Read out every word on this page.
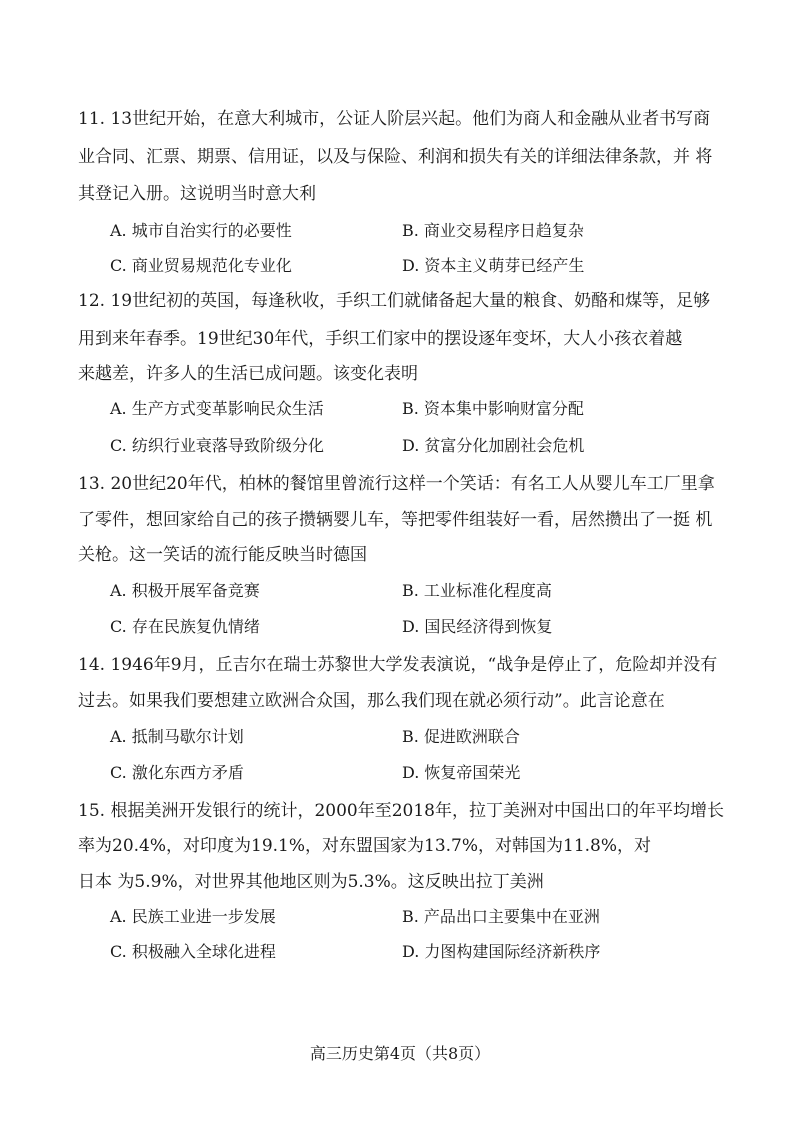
11. 13世纪开始，在意大利城市，公证人阶层兴起。他们为商人和金融从业者书写商
业合同、汇票、期票、信用证，以及与保险、利润和损失有关的详细法律条款，并 将
其登记入册。这说明当时意大利
A. 城市自治实行的必要性	B. 商业交易程序日趋复杂
C. 商业贸易规范化专业化	D. 资本主义萌芽已经产生
12. 19世纪初的英国，每逢秋收，手织工们就储备起大量的粮食、奶酪和煤等，足够
用到来年春季。19世纪30年代，手织工们家中的摆设逐年变坏，大人小孩衣着越
来越差，许多人的生活已成问题。该变化表明
A. 生产方式变革影响民众生活	B. 资本集中影响财富分配
C. 纺织行业衰落导致阶级分化	D. 贫富分化加剧社会危机
13. 20世纪20年代，柏林的餐馆里曾流行这样一个笑话：有名工人从婴儿车工厂里拿
了零件，想回家给自己的孩子攒辆婴儿车，等把零件组装好一看，居然攒出了一挺 机
关枪。这一笑话的流行能反映当时德国
A. 积极开展军备竞赛	B. 工业标准化程度高
C. 存在民族复仇情绪	D. 国民经济得到恢复
14. 1946年9月，丘吉尔在瑞士苏黎世大学发表演说，“战争是停止了，危险却并没有
过去。如果我们要想建立欧洲合众国，那么我们现在就必须行动”。此言论意在
A. 抵制马歇尔计划	B. 促进欧洲联合
C. 激化东西方矛盾	D. 恢复帝国荣光
15. 根据美洲开发银行的统计，2000年至2018年，拉丁美洲对中国出口的年平均增长
率为20.4%，对印度为19.1%，对东盟国家为13.7%，对韩国为11.8%，对
日本 为5.9%，对世界其他地区则为5.3%。这反映出拉丁美洲
A. 民族工业进一步发展	B. 产品出口主要集中在亚洲
C. 积极融入全球化进程	D. 力图构建国际经济新秩序
高三历史第4页（共8页）
